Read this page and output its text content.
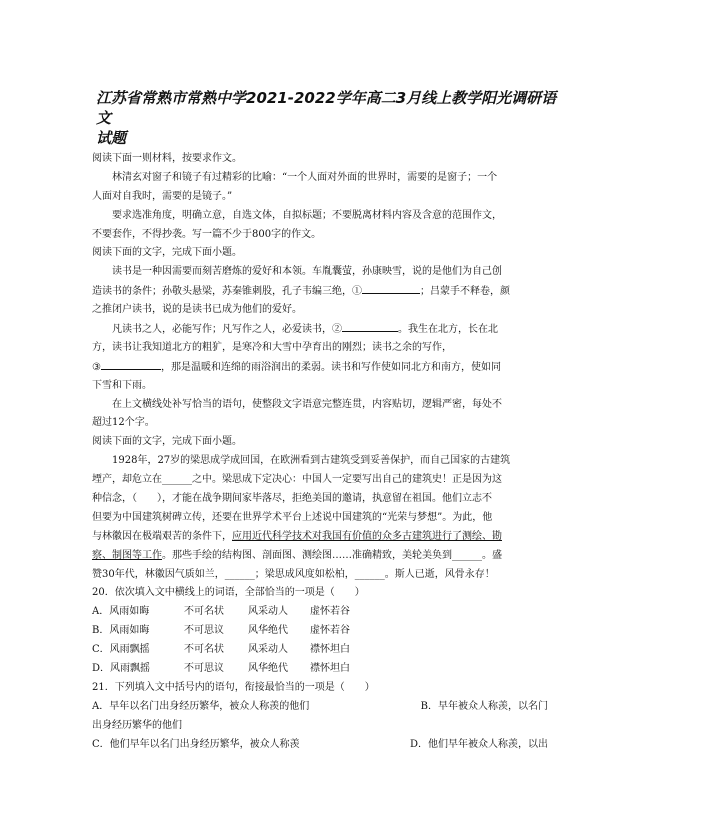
江苏省常熟市常熟中学2021-2022学年高二3月线上教学阳光调研语文
试题
阅读下面一则材料，按要求作文。
林清玄对窗子和镜子有过精彩的比喻：“一个人面对外面的世界时，需要的是窗子；一个
人面对自我时，需要的是镜子。”
要求选准角度，明确立意，自选文体，自拟标题；不要脱离材料内容及含意的范围作文，
不要套作，不得抄袭。写一篇不少于800字的作文。
阅读下面的文字，完成下面小题。
读书是一种因需要而刻苦磨炼的爱好和本领。车胤囊萤，孙康映雪，说的是他们为自己创
造读书的条件；孙敬头悬梁，苏秦锥刺股，孔子韦编三绝，①	；吕蒙手不释卷，颜
之推闭户读书，说的是读书已成为他们的爱好。
凡读书之人，必能写作；凡写作之人，必爱读书，②	。我生在北方，长在北
方，读书让我知道北方的粗犷，是寒冷和大雪中孕育出的刚烈；读书之余的写作，
③	，那是温暖和连绵的雨浴润出的柔弱。读书和写作使如同北方和南方，使如同
下雪和下雨。
在上文横线处补写恰当的语句，使整段文字语意完整连贯，内容贴切，逻辑严密，每处不
超过12个字。
阅读下面的文字，完成下面小题。
1928年，27岁的梁思成学成回国，在欧洲看到古建筑受到妥善保护，而自己国家的古建筑
堙产，却危立在______之中。梁思成下定决心：中国人一定要写出自己的建筑史！正是因为这
种信念，（　　），才能在战争期间家毕落尽，拒绝美国的邀请，执意留在祖国。他们立志不
但要为中国建筑树碑立传，还要在世界学术平台上述说中国建筑的“光荣与梦想”。为此，他
与林徽因在极端艰苦的条件下，应用近代科学技术对我国有价值的众多古建筑进行了测绘、勘
察、制图等工作。那些手绘的结构图、剖面图、测绘图……准确精致，美轮美奂到______。盛
赞30年代，林徽因气质如兰，______；梁思成风度如松柏，______。斯人已逝，风骨永存！
20．依次填入文中横线上的词语，全部恰当的一项是（　　）
A．风雨如晦	不可名状	风采动人	虚怀若谷
B．风雨如晦	不可思议	风华绝代	虚怀若谷
C．风雨飘摇	不可名状	风采动人	襟怀坦白
D．风雨飘摇	不可思议	风华绝代	襟怀坦白
21．下列填入文中括号内的语句，衔接最恰当的一项是（　　）
A．早年以名门出身经历繁华，被众人称羡的他们	B．早年被众人称羡，以名门
出身经历繁华的他们
C．他们早年以名门出身经历繁华，被众人称羡	D．他们早年被众人称羡，以出
